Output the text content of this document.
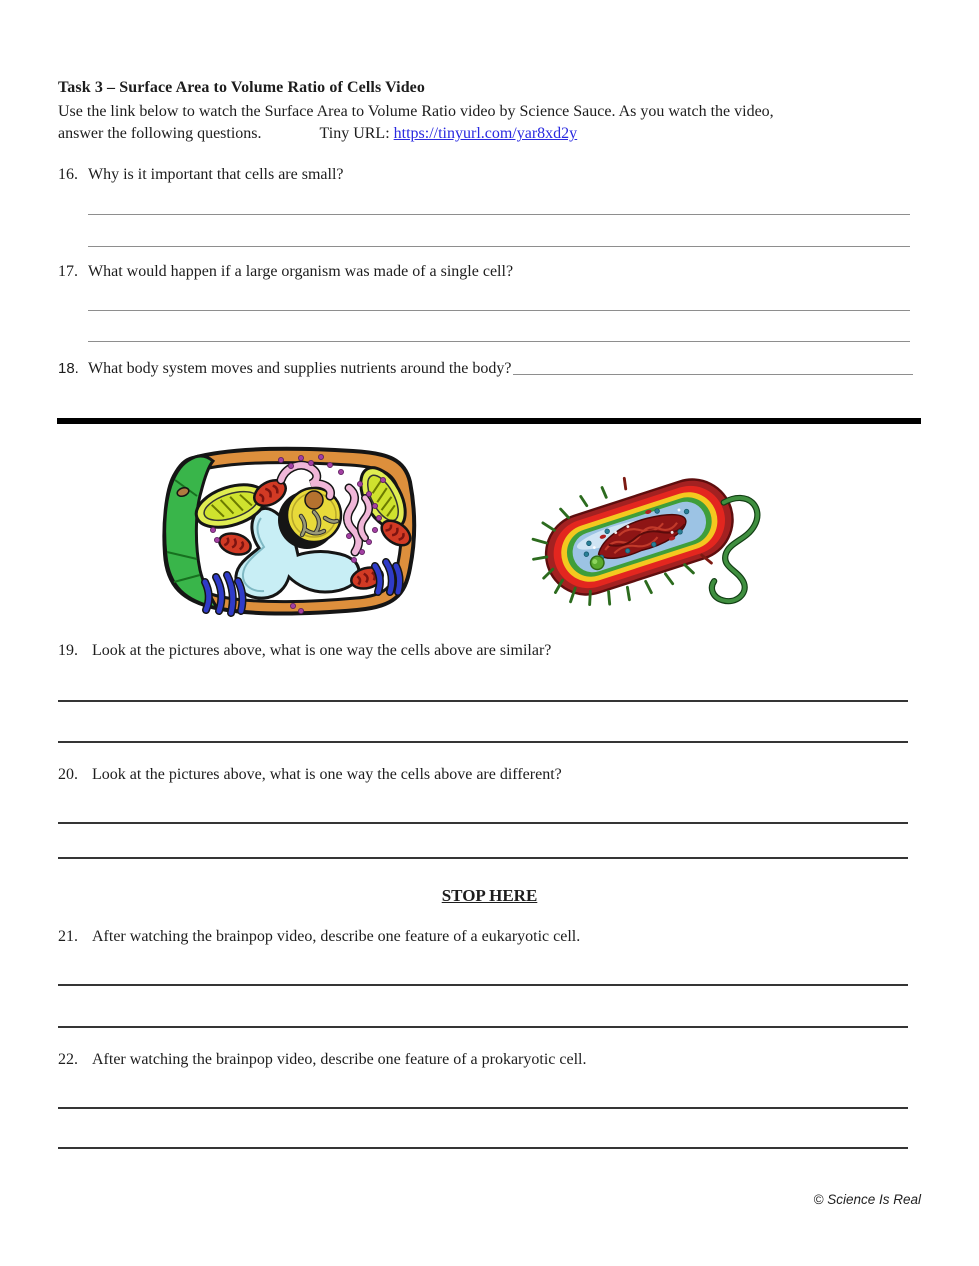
Task 3 – Surface Area to Volume Ratio of Cells Video
Use the link below to watch the Surface Area to Volume Ratio video by Science Sauce. As you watch the video,
answer the following questions.	Tiny URL: https://tinyurl.com/yar8xd2y
16. Why is it important that cells are small?
17. What would happen if a large organism was made of a single cell?
18. What body system moves and supplies nutrients around the body?
19. Look at the pictures above, what is one way the cells above are similar?
20. Look at the pictures above, what is one way the cells above are different?
STOP HERE
21. After watching the brainpop video, describe one feature of a eukaryotic cell.
22. After watching the brainpop video, describe one feature of a prokaryotic cell.
© Science Is Real
